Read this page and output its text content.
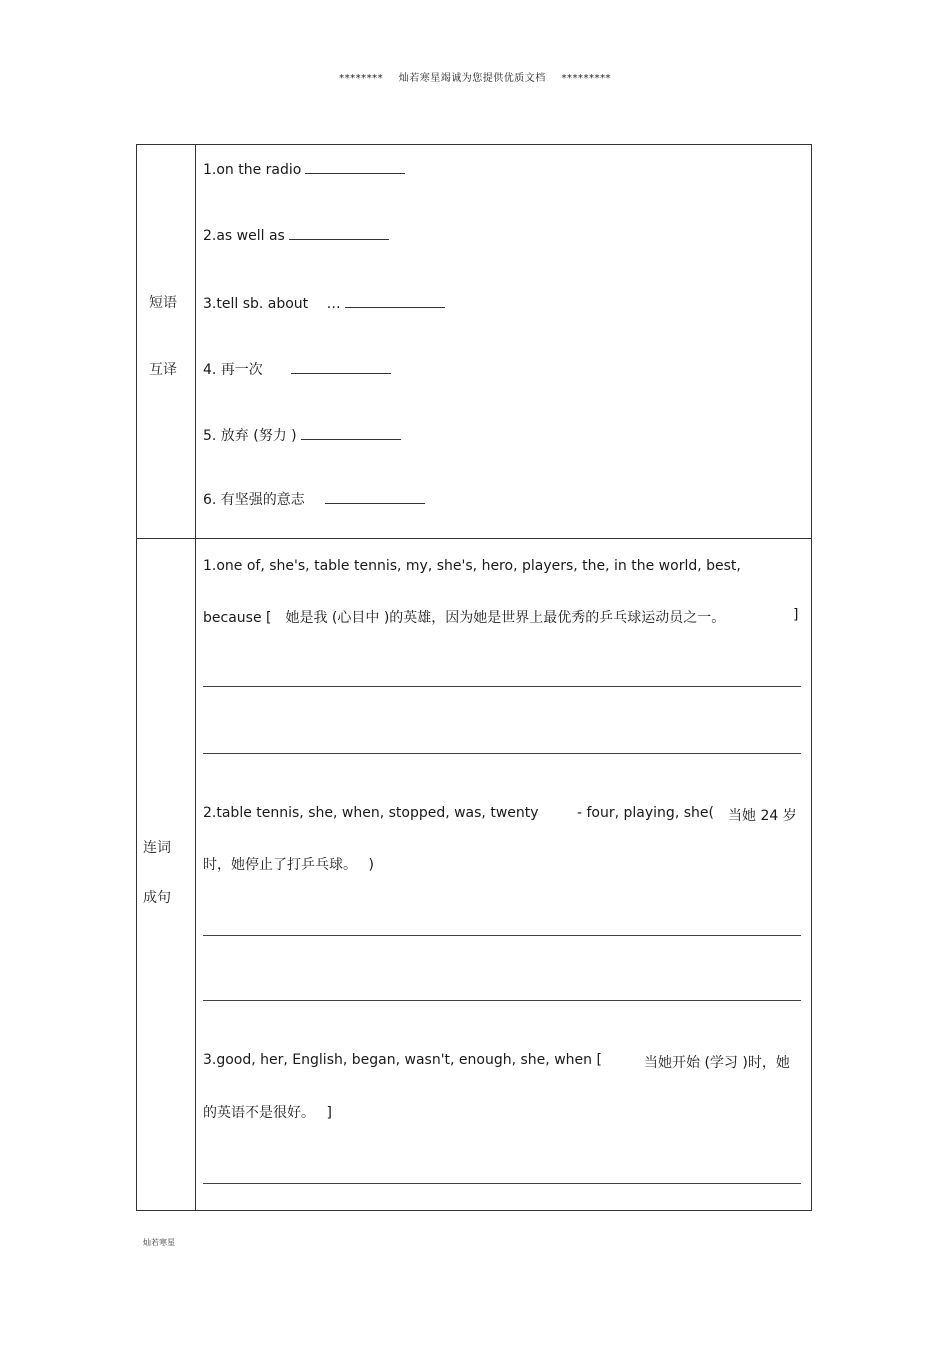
******** 灿若寒星竭诚为您提供优质文档 *********
短语
互译
1.on the radio
2.as well as
3.tell sb. about　 …
4. 再一次
5. 放弃 (努力 )
6. 有坚强的意志
连词
成句
1.one of, she's, table tennis, my, she's, hero, players, the, in the world, best,
because [　她是我 (心目中 )的英雄，因为她是世界上最优秀的乒乓球运动员之一。	]
2.table tennis, she, when, stopped, was, twenty	- four, playing, she( 当她 24 岁
时，她停止了打乒乓球。　 )
3.good, her, English, began, wasn't, enough, she, when [	当她开始 (学习 )时，她
的英语不是很好。　 ]
灿若寒星
